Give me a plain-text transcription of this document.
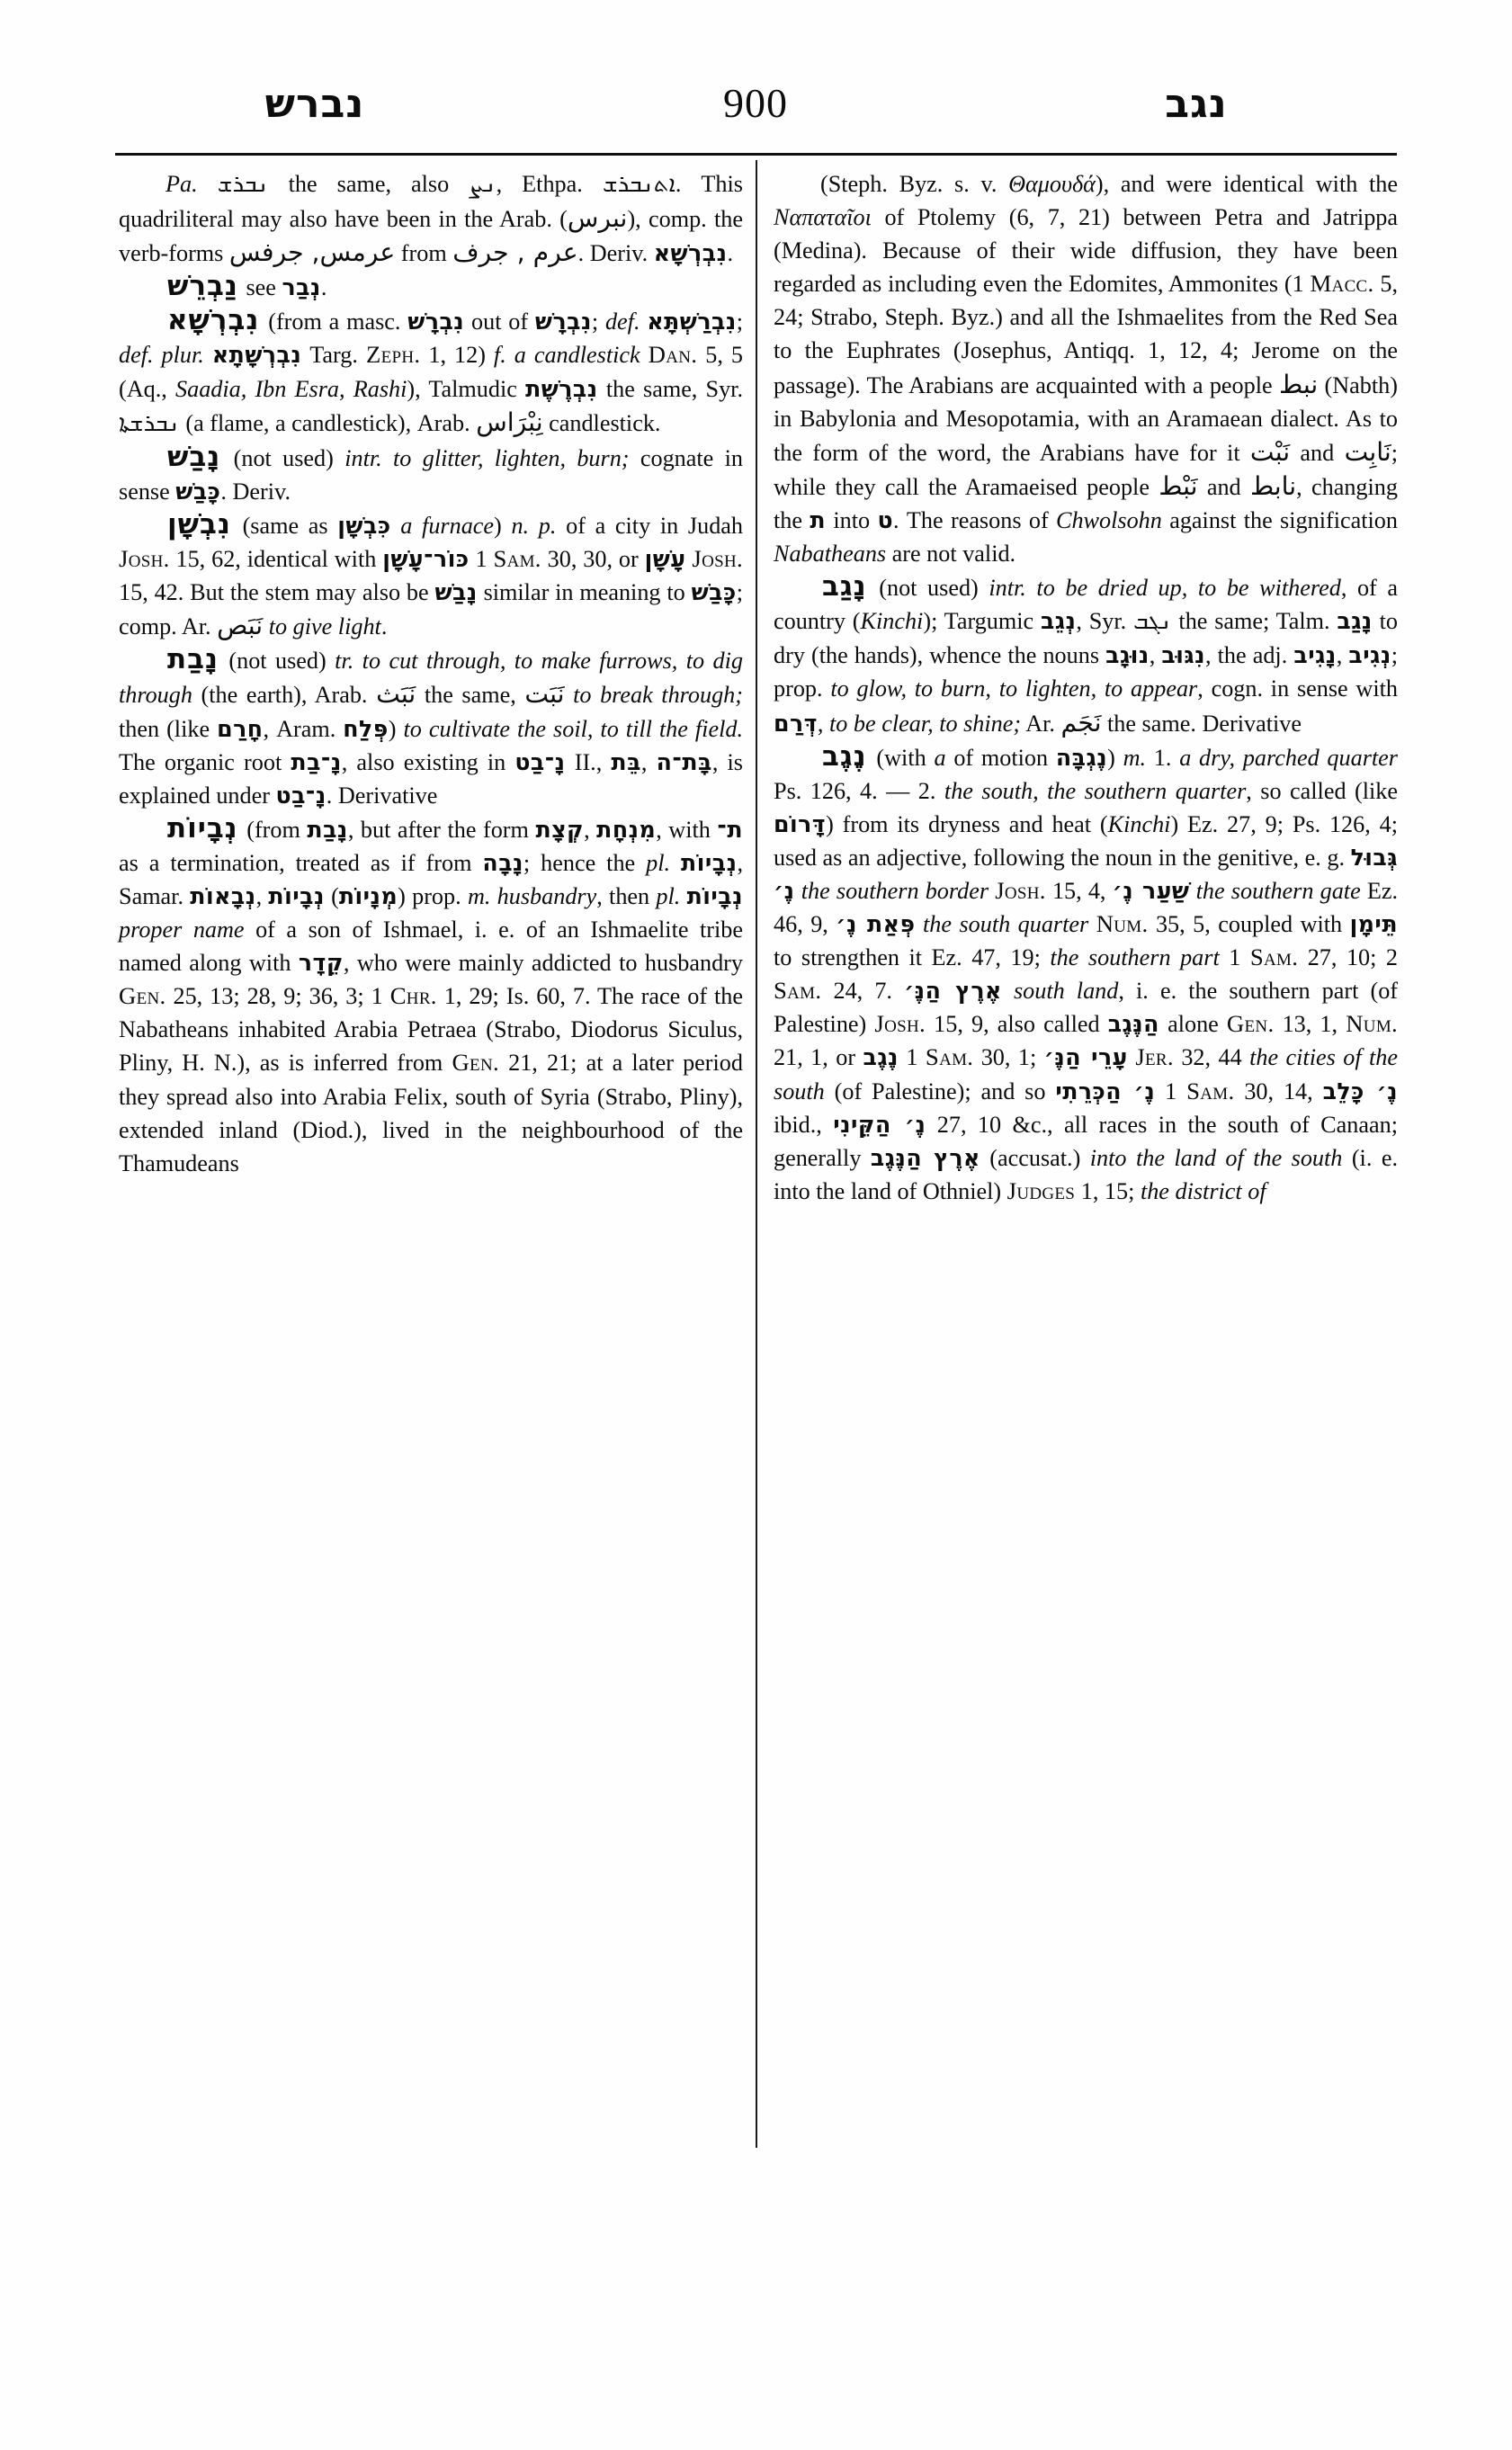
נברש	900	נגב

Pa. ܢܒܪܫ the same, also ܢܨ, Ethpa. ܐܬܢܒܪܫ. This quadriliteral may also have been in the Arab. (نبرس), comp. the verb-forms عرمس, جرفس from عرم , جرف. Deriv. נִבְרְשָׁא.

נַבְרֵשׁ see נְבַר.

נִבְרְשָׁא (from a masc. נִבְרָשׁ out of נִבְרָשׁ; def. נִבְרַשְׁתָּא; def. plur. נִבְרְשָׁתָא Targ. Zeph. 1, 12) f. a candlestick Dan. 5, 5 (Aq., Saadia, Ibn Esra, Rashi), Talmudic נִבְרֶשֶׁת the same, Syr. ܢܒܪܫܬܐ (a flame, a candlestick), Arab. نِبْرَاس candlestick.

נָבַשׁ (not used) intr. to glitter, lighten, burn; cognate in sense כָּבַשׁ. Deriv.

נִבְשָׁן (same as כִּבְשָׁן a furnace) n. p. of a city in Judah Josh. 15, 62, identical with כּוֹר־עָשָׁן 1 Sam. 30, 30, or עָשָׁן Josh. 15, 42. But the stem may also be נָבַשׁ similar in meaning to כָּבַשׁ; comp. Ar. نَبَص to give light.

נָבַת (not used) tr. to cut through, to make furrows, to dig through (the earth), Arab. نَبَث the same, نَبَت to break through; then (like חָרַם, Aram. פְּלַח) to cultivate the soil, to till the field. The organic root נָ־בַת, also existing in נָ־בַט II., בֵּת, בָּת־ה, is explained under נָ־בַט. Derivative

נְבָיוֹת (from נָבַת, but after the form קְצָת, מִנְחָת, with ת־ as a termination, treated as if from נָבָה; hence the pl. נְבָיוֹת, Samar. נְבָאוֹת, נְבָיוֹת (מְנָיוֹת) prop. m. husbandry, then pl. נְבָיוֹת proper name of a son of Ishmael, i. e. of an Ishmaelite tribe named along with קֵדָר, who were mainly addicted to husbandry Gen. 25, 13; 28, 9; 36, 3; 1 Chr. 1, 29; Is. 60, 7. The race of the Nabatheans inhabited Arabia Petraea (Strabo, Diodorus Siculus, Pliny, H. N.), as is inferred from Gen. 21, 21; at a later period they spread also into Arabia Felix, south of Syria (Strabo, Pliny), extended inland (Diod.), lived in the neighbourhood of the Thamudeans

(Steph. Byz. s. v. Θαμουδά), and were identical with the Ναπαταῖοι of Ptolemy (6, 7, 21) between Petra and Jatrippa (Medina). Because of their wide diffusion, they have been regarded as including even the Edomites, Ammonites (1 Macc. 5, 24; Strabo, Steph. Byz.) and all the Ishmaelites from the Red Sea to the Euphrates (Josephus, Antiqq. 1, 12, 4; Jerome on the passage). The Arabians are acquainted with a people نبط (Nabth) in Babylonia and Mesopotamia, with an Aramaean dialect. As to the form of the word, the Arabians have for it نَبْت and نَابِت; while they call the Aramaeised people نَبْط and نابط, changing the ת into ט. The reasons of Chwolsohn against the signification Nabatheans are not valid.

נָגַב (not used) intr. to be dried up, to be withered, of a country (Kinchi); Targumic נְגֵב, Syr. ܢܓܒ the same; Talm. נָגַב to dry (the hands), whence the nouns נוּגָב, נִגּוּב, the adj. נָגִיב, נְגִיב; prop. to glow, to burn, to lighten, to appear, cogn. in sense with דְּרַם, to be clear, to shine; Ar. نَجَم the same. Derivative

נֶגֶב (with a of motion נֶגְבָּה) m. 1. a dry, parched quarter Ps. 126, 4. — 2. the south, the southern quarter, so called (like דָּרוֹם) from its dryness and heat (Kinchi) Ez. 27, 9; Ps. 126, 4; used as an adjective, following the noun in the genitive, e. g. גְּבוּל נֶ׳ the southern border Josh. 15, 4, שַׁעַר נֶ׳ the southern gate Ez. 46, 9, פְּאַת נֶ׳ the south quarter Num. 35, 5, coupled with תֵּימָן to strengthen it Ez. 47, 19; the southern part 1 Sam. 27, 10; 2 Sam. 24, 7. אֶרֶץ הַנֶּ׳ south land, i. e. the southern part (of Palestine) Josh. 15, 9, also called הַנֶּגֶב alone Gen. 13, 1, Num. 21, 1, or נֶגֶב 1 Sam. 30, 1; עָרֵי הַנֶּ׳ Jer. 32, 44 the cities of the south (of Palestine); and so נֶ׳ הַכְּרֵתִי 1 Sam. 30, 14, נֶ׳ כָּלֵב ibid., נֶ׳ הַקֵּינִי 27, 10 &c., all races in the south of Canaan; generally אֶרֶץ הַנֶּגֶב (accusat.) into the land of the south (i. e. into the land of Othniel) Judges 1, 15; the district of
